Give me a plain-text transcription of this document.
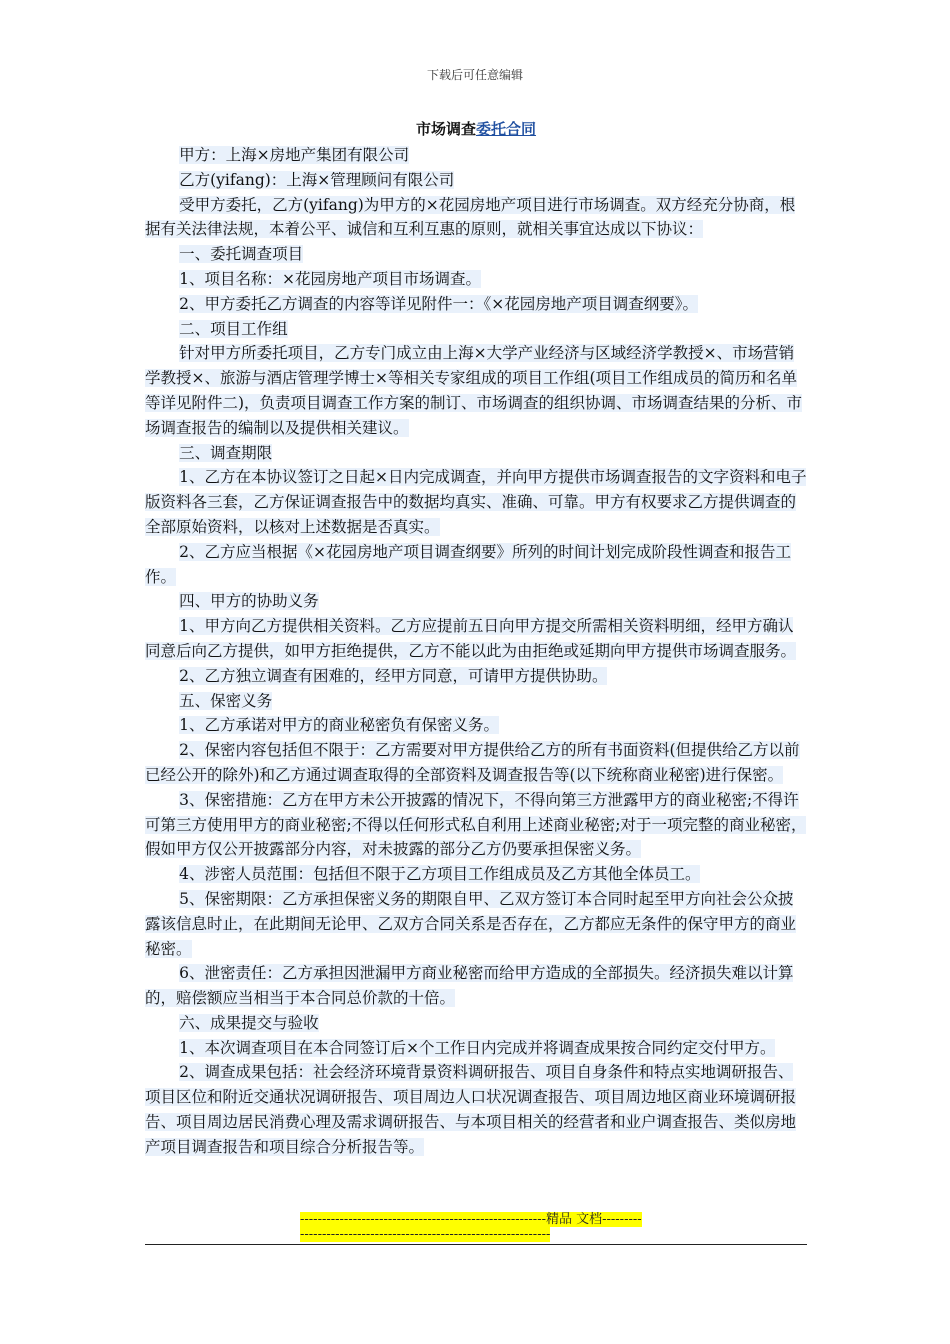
下载后可任意编辑
市场调查委托合同

甲方：上海×房地产集团有限公司

乙方(yifang)：上海×管理顾问有限公司

受甲方委托，乙方(yifang)为甲方的×花园房地产项目进行市场调查。双方经充分协商，根据有关法律法规，本着公平、诚信和互利互惠的原则，就相关事宜达成以下协议：

一、委托调查项目

1、项目名称：×花园房地产项目市场调查。

2、甲方委托乙方调查的内容等详见附件一：《×花园房地产项目调查纲要》。

二、项目工作组

针对甲方所委托项目，乙方专门成立由上海×大学产业经济与区域经济学教授×、市场营销学教授×、旅游与酒店管理学博士×等相关专家组成的项目工作组(项目工作组成员的简历和名单等详见附件二)，负责项目调查工作方案的制订、市场调查的组织协调、市场调查结果的分析、市场调查报告的编制以及提供相关建议。

三、调查期限

1、乙方在本协议签订之日起×日内完成调查，并向甲方提供市场调查报告的文字资料和电子版资料各三套，乙方保证调查报告中的数据均真实、准确、可靠。甲方有权要求乙方提供调查的全部原始资料，以核对上述数据是否真实。

2、乙方应当根据《×花园房地产项目调查纲要》所列的时间计划完成阶段性调查和报告工作。

四、甲方的协助义务

1、甲方向乙方提供相关资料。乙方应提前五日向甲方提交所需相关资料明细，经甲方确认同意后向乙方提供，如甲方拒绝提供，乙方不能以此为由拒绝或延期向甲方提供市场调查服务。

2、乙方独立调查有困难的，经甲方同意，可请甲方提供协助。

五、保密义务

1、乙方承诺对甲方的商业秘密负有保密义务。

2、保密内容包括但不限于：乙方需要对甲方提供给乙方的所有书面资料(但提供给乙方以前已经公开的除外)和乙方通过调查取得的全部资料及调查报告等(以下统称商业秘密)进行保密。

3、保密措施：乙方在甲方未公开披露的情况下，不得向第三方泄露甲方的商业秘密;不得许可第三方使用甲方的商业秘密;不得以任何形式私自利用上述商业秘密;对于一项完整的商业秘密，假如甲方仅公开披露部分内容，对未披露的部分乙方仍要承担保密义务。

4、涉密人员范围：包括但不限于乙方项目工作组成员及乙方其他全体员工。

5、保密期限：乙方承担保密义务的期限自甲、乙双方签订本合同时起至甲方向社会公众披露该信息时止，在此期间无论甲、乙双方合同关系是否存在，乙方都应无条件的保守甲方的商业秘密。

6、泄密责任：乙方承担因泄漏甲方商业秘密而给甲方造成的全部损失。经济损失难以计算的，赔偿额应当相当于本合同总价款的十倍。

六、成果提交与验收

1、本次调查项目在本合同签订后×个工作日内完成并将调查成果按合同约定交付甲方。

2、调查成果包括：社会经济环境背景资料调研报告、项目自身条件和特点实地调研报告、项目区位和附近交通状况调研报告、项目周边人口状况调查报告、项目周边地区商业环境调研报告、项目周边居民消费心理及需求调研报告、与本项目相关的经营者和业户调查报告、类似房地产项目调查报告和项目综合分析报告等。

--------------------------------------------------------精品 文档------------------------------------------------------------------
